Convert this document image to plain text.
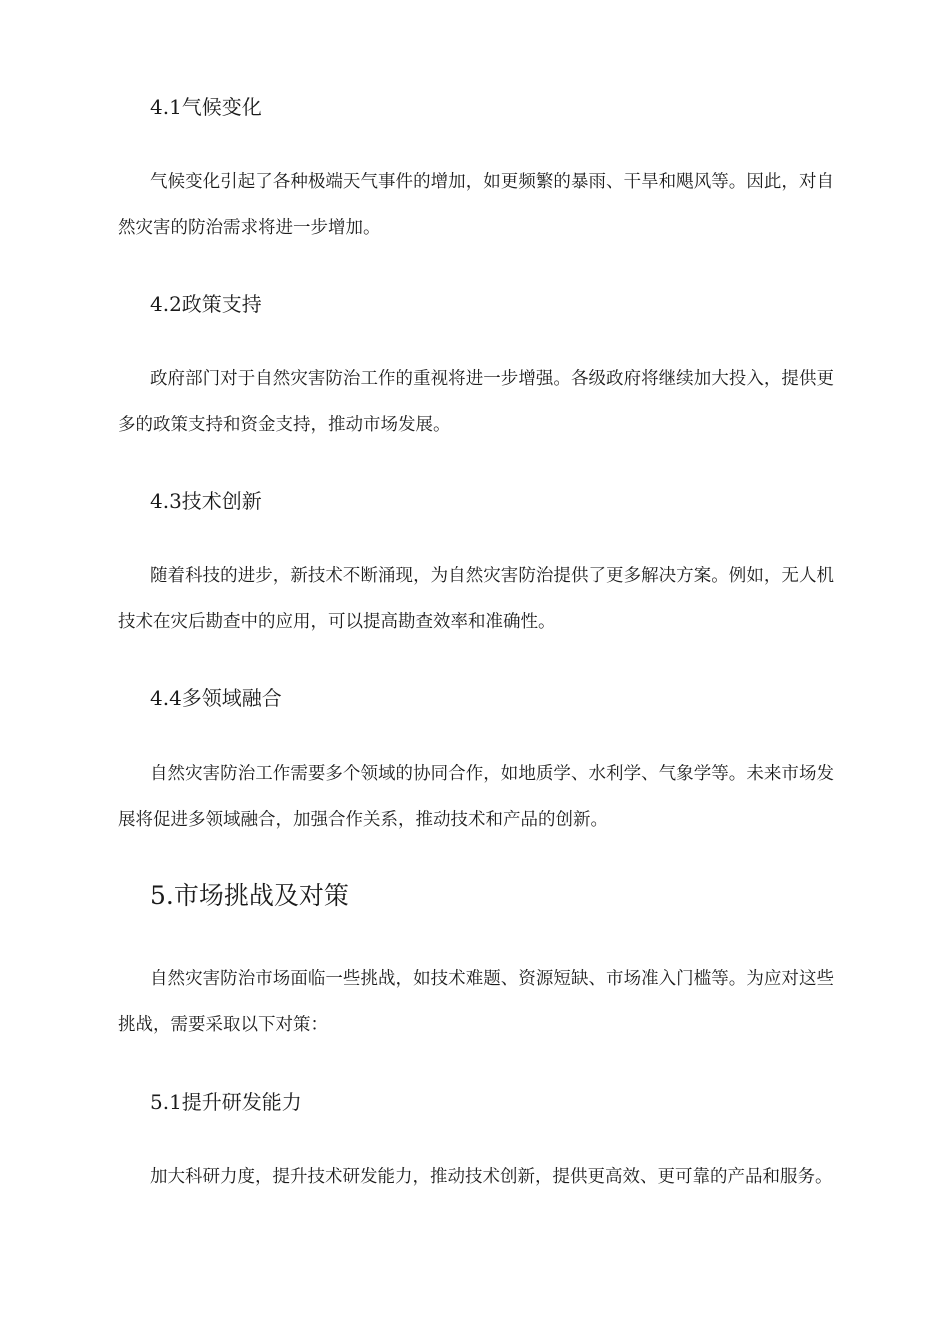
4.1气候变化

气候变化引起了各种极端天气事件的增加，如更频繁的暴雨、干旱和飓风等。因此，对自然灾害的防治需求将进一步增加。

4.2政策支持

政府部门对于自然灾害防治工作的重视将进一步增强。各级政府将继续加大投入，提供更多的政策支持和资金支持，推动市场发展。

4.3技术创新

随着科技的进步，新技术不断涌现，为自然灾害防治提供了更多解决方案。例如，无人机技术在灾后勘查中的应用，可以提高勘查效率和准确性。

4.4多领域融合

自然灾害防治工作需要多个领域的协同合作，如地质学、水利学、气象学等。未来市场发展将促进多领域融合，加强合作关系，推动技术和产品的创新。

5.市场挑战及对策

自然灾害防治市场面临一些挑战，如技术难题、资源短缺、市场准入门槛等。为应对这些挑战，需要采取以下对策：

5.1提升研发能力

加大科研力度，提升技术研发能力，推动技术创新，提供更高效、更可靠的产品和服务。
